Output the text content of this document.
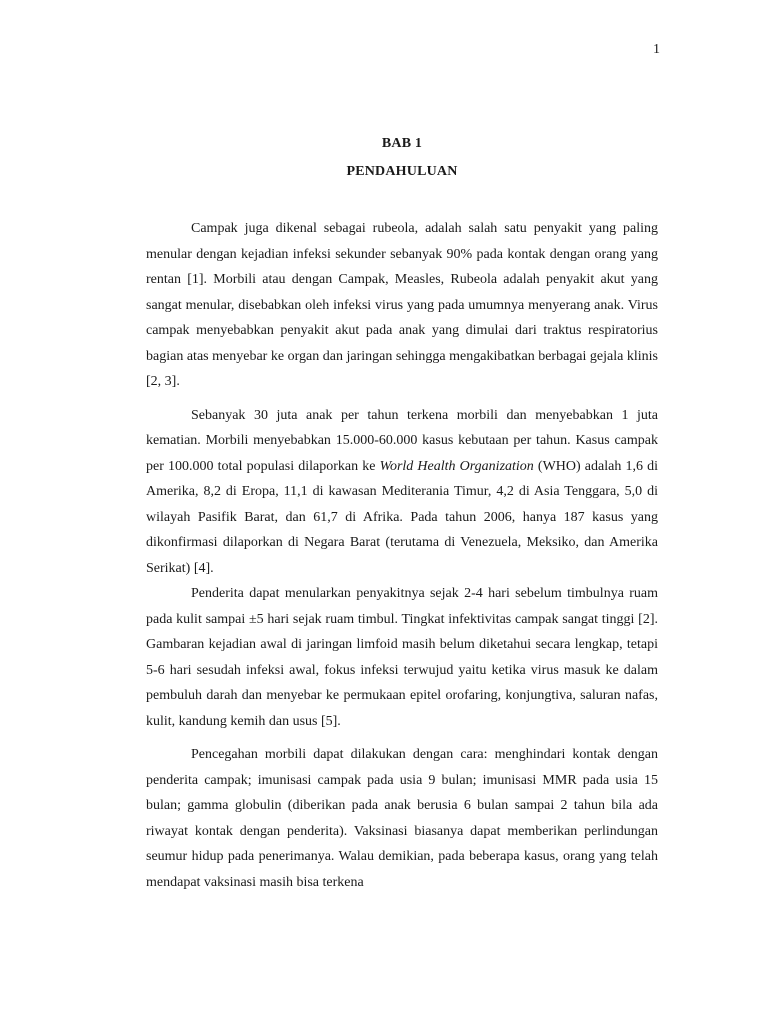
1
BAB 1
PENDAHULUAN

Campak juga dikenal sebagai rubeola, adalah salah satu penyakit yang paling menular dengan kejadian infeksi sekunder sebanyak 90% pada kontak dengan orang yang rentan [1]. Morbili atau dengan Campak, Measles, Rubeola adalah penyakit akut yang sangat menular, disebabkan oleh infeksi virus yang pada umumnya menyerang anak. Virus campak menyebabkan penyakit akut pada anak yang dimulai dari traktus respiratorius bagian atas menyebar ke organ dan jaringan sehingga mengakibatkan berbagai gejala klinis [2, 3].

Sebanyak 30 juta anak per tahun terkena morbili dan menyebabkan 1 juta kematian. Morbili menyebabkan 15.000-60.000 kasus kebutaan per tahun. Kasus campak per 100.000 total populasi dilaporkan ke World Health Organization (WHO) adalah 1,6 di Amerika, 8,2 di Eropa, 11,1 di kawasan Mediterania Timur, 4,2 di Asia Tenggara, 5,0 di wilayah Pasifik Barat, dan 61,7 di Afrika. Pada tahun 2006, hanya 187 kasus yang dikonfirmasi dilaporkan di Negara Barat (terutama di Venezuela, Meksiko, dan Amerika Serikat) [4].

Penderita dapat menularkan penyakitnya sejak 2-4 hari sebelum timbulnya ruam pada kulit sampai ±5 hari sejak ruam timbul. Tingkat infektivitas campak sangat tinggi [2]. Gambaran kejadian awal di jaringan limfoid masih belum diketahui secara lengkap, tetapi 5-6 hari sesudah infeksi awal, fokus infeksi terwujud yaitu ketika virus masuk ke dalam pembuluh darah dan menyebar ke permukaan epitel orofaring, konjungtiva, saluran nafas, kulit, kandung kemih dan usus [5].

Pencegahan morbili dapat dilakukan dengan cara: menghindari kontak dengan penderita campak; imunisasi campak pada usia 9 bulan; imunisasi MMR pada usia 15 bulan; gamma globulin (diberikan pada anak berusia 6 bulan sampai 2 tahun bila ada riwayat kontak dengan penderita). Vaksinasi biasanya dapat memberikan perlindungan seumur hidup pada penerimanya. Walau demikian, pada beberapa kasus, orang yang telah mendapat vaksinasi masih bisa terkena
